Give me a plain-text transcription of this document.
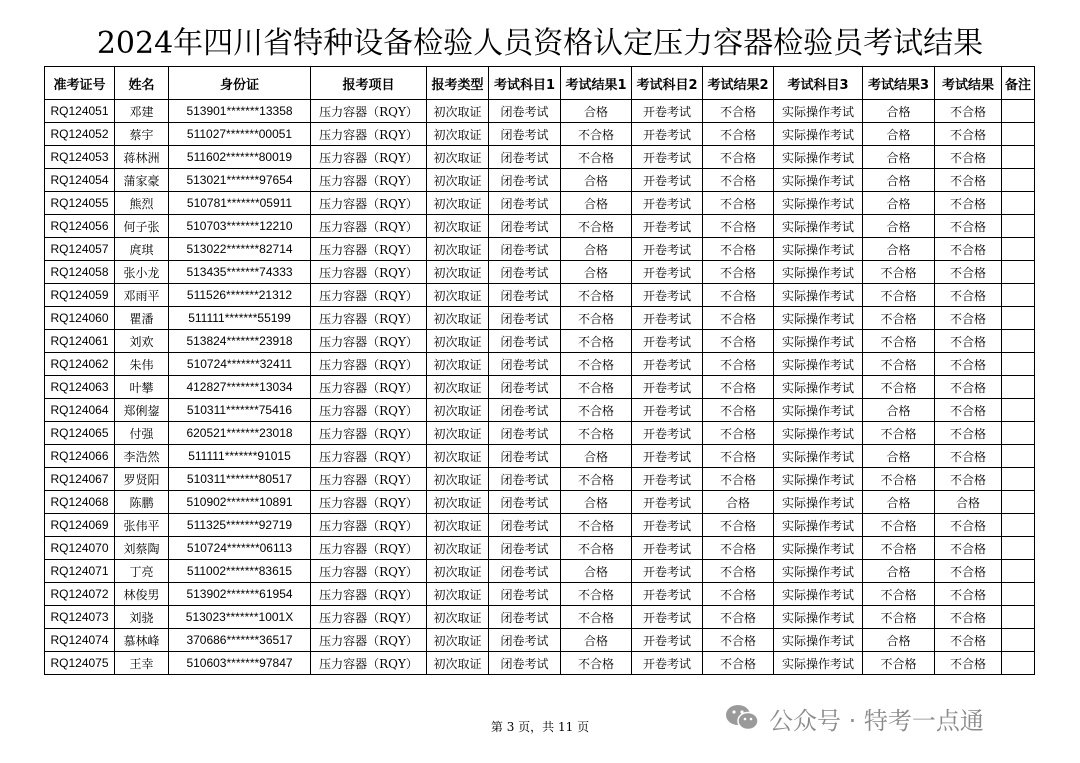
2024年四川省特种设备检验人员资格认定压力容器检验员考试结果
准考证号	姓名	身份证	报考项目	报考类型	考试科目1	考试结果1	考试科目2	考试结果2	考试科目3	考试结果3	考试结果	备注
RQ124051	邓建	513901*******13358	压力容器（RQY）	初次取证	闭卷考试	合格	开卷考试	不合格	实际操作考试	合格	不合格	
RQ124052	蔡宇	511027*******00051	压力容器（RQY）	初次取证	闭卷考试	不合格	开卷考试	不合格	实际操作考试	合格	不合格	
RQ124053	蒋林洲	511602*******80019	压力容器（RQY）	初次取证	闭卷考试	不合格	开卷考试	不合格	实际操作考试	合格	不合格	
RQ124054	蒲家豪	513021*******97654	压力容器（RQY）	初次取证	闭卷考试	合格	开卷考试	不合格	实际操作考试	合格	不合格	
RQ124055	熊烈	510781*******05911	压力容器（RQY）	初次取证	闭卷考试	合格	开卷考试	不合格	实际操作考试	合格	不合格	
RQ124056	何子张	510703*******12210	压力容器（RQY）	初次取证	闭卷考试	不合格	开卷考试	不合格	实际操作考试	合格	不合格	
RQ124057	庹琪	513022*******82714	压力容器（RQY）	初次取证	闭卷考试	合格	开卷考试	不合格	实际操作考试	合格	不合格	
RQ124058	张小龙	513435*******74333	压力容器（RQY）	初次取证	闭卷考试	合格	开卷考试	不合格	实际操作考试	不合格	不合格	
RQ124059	邓雨平	511526*******21312	压力容器（RQY）	初次取证	闭卷考试	不合格	开卷考试	不合格	实际操作考试	不合格	不合格	
RQ124060	瞿潘	511111*******55199	压力容器（RQY）	初次取证	闭卷考试	不合格	开卷考试	不合格	实际操作考试	不合格	不合格	
RQ124061	刘欢	513824*******23918	压力容器（RQY）	初次取证	闭卷考试	不合格	开卷考试	不合格	实际操作考试	不合格	不合格	
RQ124062	朱伟	510724*******32411	压力容器（RQY）	初次取证	闭卷考试	不合格	开卷考试	不合格	实际操作考试	不合格	不合格	
RQ124063	叶攀	412827*******13034	压力容器（RQY）	初次取证	闭卷考试	不合格	开卷考试	不合格	实际操作考试	不合格	不合格	
RQ124064	郑俐鋆	510311*******75416	压力容器（RQY）	初次取证	闭卷考试	不合格	开卷考试	不合格	实际操作考试	合格	不合格	
RQ124065	付强	620521*******23018	压力容器（RQY）	初次取证	闭卷考试	不合格	开卷考试	不合格	实际操作考试	不合格	不合格	
RQ124066	李浩然	511111*******91015	压力容器（RQY）	初次取证	闭卷考试	合格	开卷考试	不合格	实际操作考试	合格	不合格	
RQ124067	罗贤阳	510311*******80517	压力容器（RQY）	初次取证	闭卷考试	不合格	开卷考试	不合格	实际操作考试	不合格	不合格	
RQ124068	陈鹏	510902*******10891	压力容器（RQY）	初次取证	闭卷考试	合格	开卷考试	合格	实际操作考试	合格	合格	
RQ124069	张伟平	511325*******92719	压力容器（RQY）	初次取证	闭卷考试	不合格	开卷考试	不合格	实际操作考试	不合格	不合格	
RQ124070	刘蔡陶	510724*******06113	压力容器（RQY）	初次取证	闭卷考试	不合格	开卷考试	不合格	实际操作考试	不合格	不合格	
RQ124071	丁亮	511002*******83615	压力容器（RQY）	初次取证	闭卷考试	合格	开卷考试	不合格	实际操作考试	合格	不合格	
RQ124072	林俊男	513902*******61954	压力容器（RQY）	初次取证	闭卷考试	不合格	开卷考试	不合格	实际操作考试	不合格	不合格	
RQ124073	刘骁	513023*******1001X	压力容器（RQY）	初次取证	闭卷考试	不合格	开卷考试	不合格	实际操作考试	不合格	不合格	
RQ124074	慕林峰	370686*******36517	压力容器（RQY）	初次取证	闭卷考试	合格	开卷考试	不合格	实际操作考试	合格	不合格	
RQ124075	王幸	510603*******97847	压力容器（RQY）	初次取证	闭卷考试	不合格	开卷考试	不合格	实际操作考试	不合格	不合格	
第 3 页，共 11 页	公众号 · 特考一点通
